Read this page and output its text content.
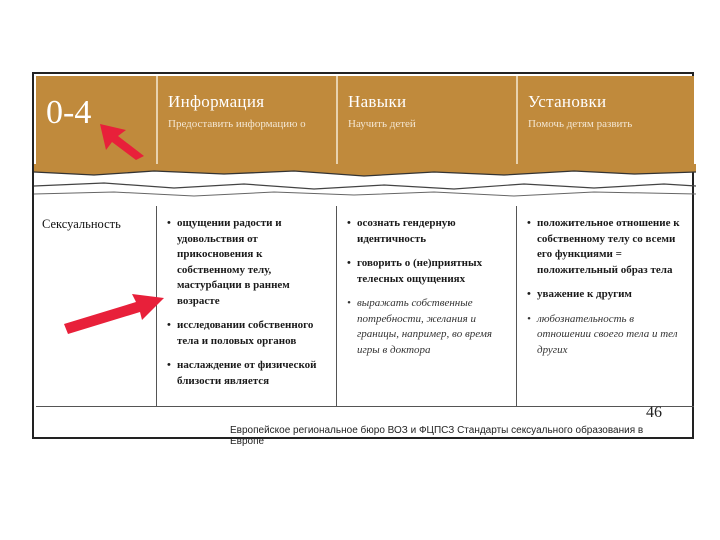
0-4	Информация
Предоставить информацию о
Навыки
Научить детей
Установки
Помочь детям развить
Сексуальность
•	ощущении радости и удовольствия от прикосновения к собственному телу, мастурбации в раннем возрасте
• исследовании собственного тела и половых органов
• наслаждение от физической близости является
• осознать гендерную идентичность
• говорить о (не)приятных телесных ощущениях
• выражать собственные потребности, желания и границы, например, во время игры в доктора
• положительное отношение к собственному телу со всеми его функциями = положительный образ тела
• уважение к другим
• любознательность в отношении своего тела и тел других
46
Европейское региональное бюро ВОЗ и ФЦПСЗ Стандарты сексуального образования в Европе
